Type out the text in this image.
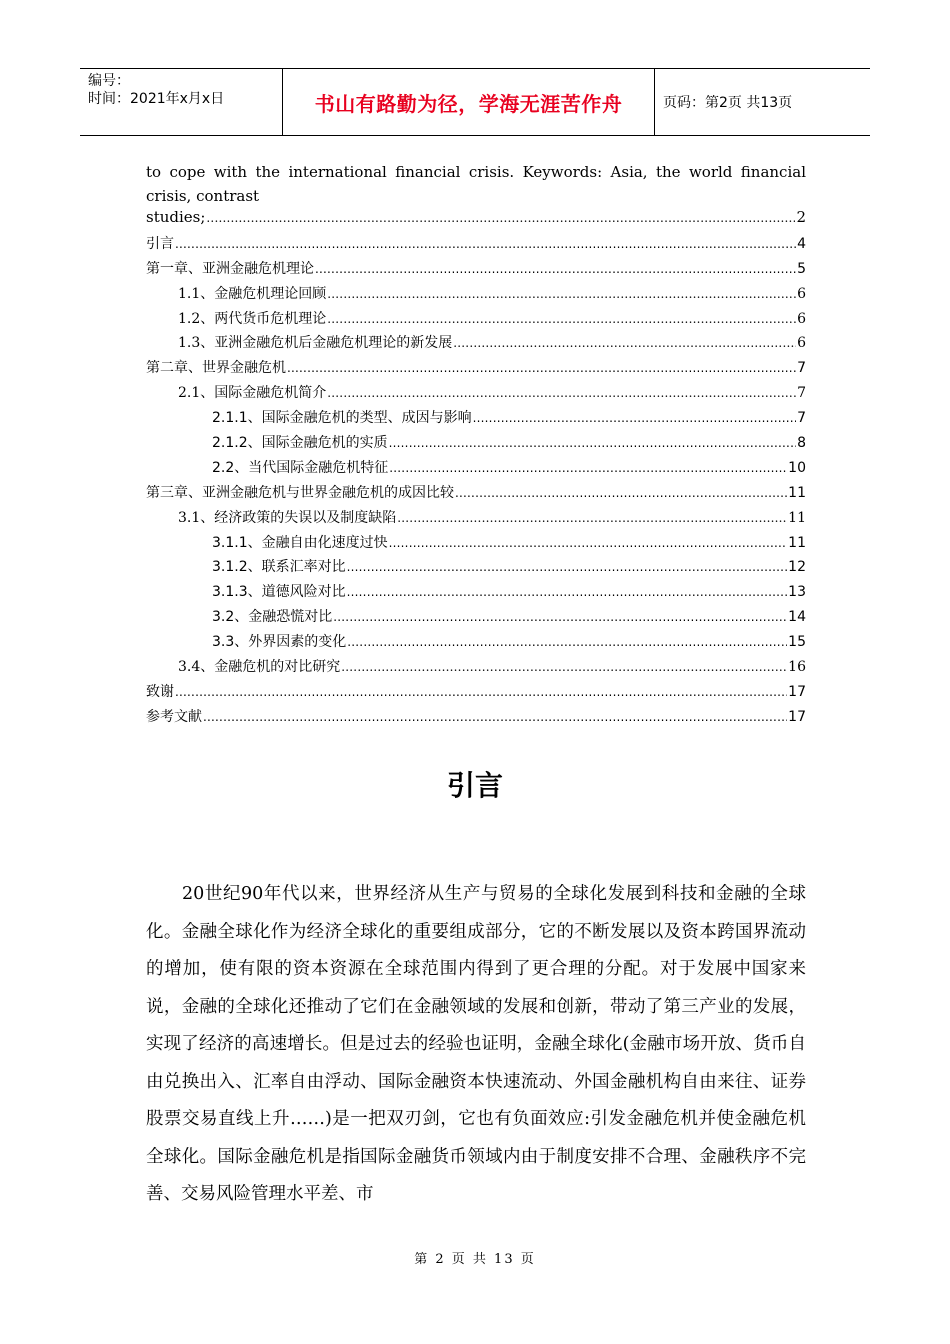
编号：
时间：2021年x月x日	书山有路勤为径，学海无涯苦作舟	页码：第2页 共13页
to cope with the international financial crisis. Keywords: Asia, the world financial crisis, contrast
studies; .....	2
引言 .....	4
第一章、亚洲金融危机理论 .....	5
1.1、金融危机理论回顾 .....	6
1.2、两代货币危机理论 .....	6
1.3、亚洲金融危机后金融危机理论的新发展 .....	6
第二章、世界金融危机 .....	7
2.1、国际金融危机简介 .....	7
2.1.1、国际金融危机的类型、成因与影响 .....	7
2.1.2、国际金融危机的实质 .....	8
2.2、当代国际金融危机特征 .....	10
第三章、亚洲金融危机与世界金融危机的成因比较 .....	11
3.1、经济政策的失误以及制度缺陷 .....	11
3.1.1、金融自由化速度过快 .....	11
3.1.2、联系汇率对比 .....	12
3.1.3、道德风险对比 .....	13
3.2、金融恐慌对比 .....	14
3.3、外界因素的变化 .....	15
3.4、金融危机的对比研究 .....	16
致谢 .....	17
参考文献 .....	17
引言

20世纪90年代以来，世界经济从生产与贸易的全球化发展到科技和金融的全球化。金融全球化作为经济全球化的重要组成部分，它的不断发展以及资本跨国界流动的增加，使有限的资本资源在全球范围内得到了更合理的分配。对于发展中国家来说，金融的全球化还推动了它们在金融领域的发展和创新，带动了第三产业的发展，实现了经济的高速增长。但是过去的经验也证明，金融全球化(金融市场开放、货币自由兑换出入、汇率自由浮动、国际金融资本快速流动、外国金融机构自由来往、证券股票交易直线上升……)是一把双刃剑，它也有负面效应:引发金融危机并使金融危机全球化。国际金融危机是指国际金融货币领域内由于制度安排不合理、金融秩序不完善、交易风险管理水平差、市

第 2 页 共 13 页
